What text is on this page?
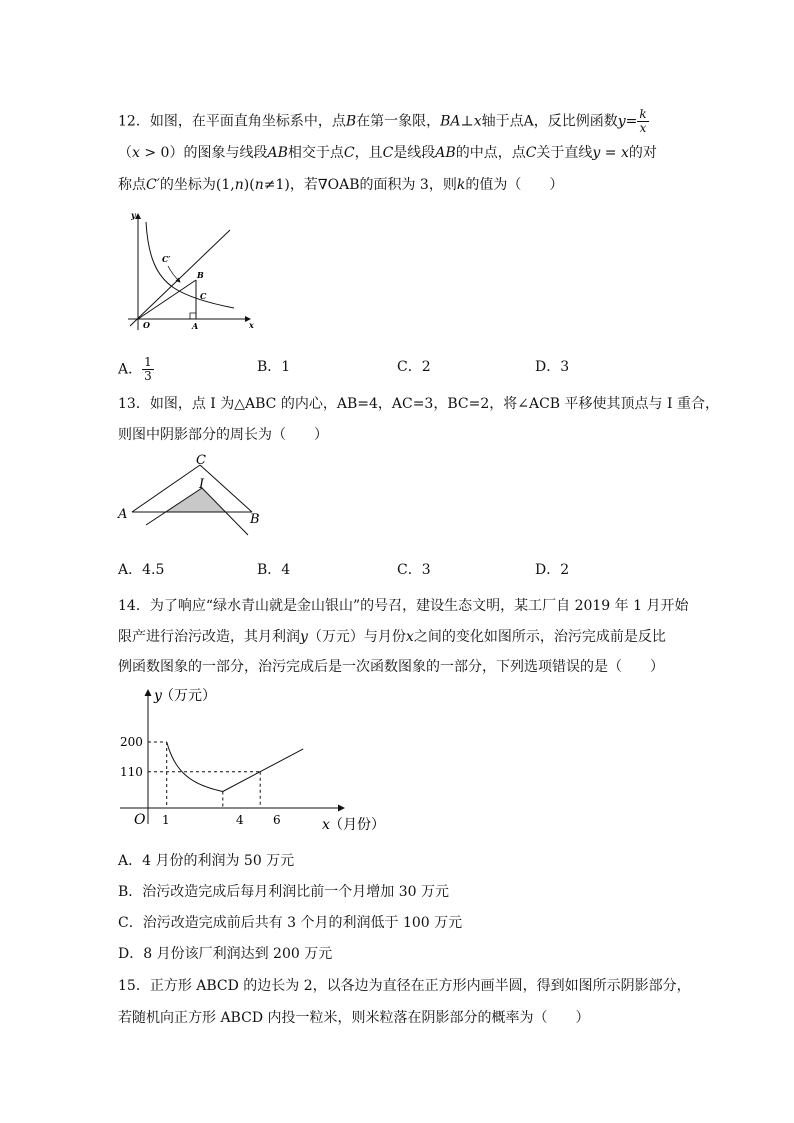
12．如图，在平面直角坐标系中，点B在第一象限，BA⊥x轴于点A，反比例函数$y= \frac{k}{x}$
（x > 0）的图象与线段AB相交于点C，且C是线段AB的中点，点C关于直线y = x的对
称点C′的坐标为(1,n)(n≠1)，若∇OAB的面积为 3，则k的值为（　　）
y
x
O	A
B
C
C′
A． $\frac{1}{3}$	B．1	C．2	D．3
13．如图，点 I 为△ABC 的内心，AB=4，AC=3，BC=2，将∠ACB 平移使其顶点与 I 重合，
则图中阴影部分的周长为（　　）
C
I
A	B
A．4.5	B．4	C．3	D．2
14．为了响应“绿水青山就是金山银山”的号召，建设生态文明，某工厂自 2019 年 1 月开始
限产进行治污改造，其月利润y（万元）与月份x之间的变化如图所示，治污完成前是反比
例函数图象的一部分，治污完成后是一次函数图象的一部分，下列选项错误的是（　　）
y
（万元）
x （月份）
O
200
110
1	4 6
A．4 月份的利润为 50 万元
B．治污改造完成后每月利润比前一个月增加 30 万元
C．治污改造完成前后共有 3 个月的利润低于 100 万元
D．8 月份该厂利润达到 200 万元
15．正方形 ABCD 的边长为 2，以各边为直径在正方形内画半圆，得到如图所示阴影部分，
若随机向正方形 ABCD 内投一粒米，则米粒落在阴影部分的概率为（　　）
